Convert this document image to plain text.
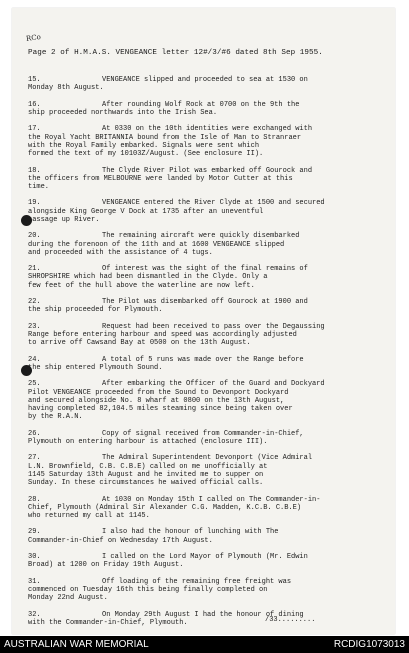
RCo
Page 2 of H.M.A.S. VENGEANCE letter 12#/3/#6 dated 8th Sep 1955.
15.	VENGEANCE slipped and proceeded to sea at 1530 on
Monday 8th August.
16.	After rounding Wolf Rock at 0700 on the 9th the
ship proceeded northwards into the Irish Sea.
17.	At 0330 on the 10th identities were exchanged with
the Royal Yacht BRITANNIA bound from the Isle of Man to Stranraer
with the Royal Family embarked. Signals were sent which
formed the text of my 10103Z/August. (See enclosure II).
18.	The Clyde River Pilot was embarked off Gourock and
the officers from MELBOURNE were landed by Motor Cutter at this
time.
19.	VENGEANCE entered the River Clyde at 1500 and secured
alongside King George V Dock at 1735 after an uneventful
passage up River.
20.	The remaining aircraft were quickly disembarked
during the forenoon of the 11th and at 1600 VENGEANCE slipped
and proceeded with the assistance of 4 tugs.
21.	Of interest was the sight of the final remains of
SHROPSHIRE which had been dismantled in the Clyde. Only a
few feet of the hull above the waterline are now left.
22.	The Pilot was disembarked off Gourock at 1900 and
the ship proceeded for Plymouth.
23.	Request had been received to pass over the Degaussing
Range before entering harbour and speed was accordingly adjusted
to arrive off Cawsand Bay at 0500 on the 13th August.
24.	A total of 5 runs was made over the Range before
the ship entered Plymouth Sound.
25.	After embarking the Officer of the Guard and Dockyard
Pilot VENGEANCE proceeded from the Sound to Devonport Dockyard
and secured alongside No. 8 wharf at 0800 on the 13th August,
having completed 82,104.5 miles steaming since being taken over
by the R.A.N.
26.	Copy of signal received from Commander-in-Chief,
Plymouth on entering harbour is attached (enclosure III).
27.	The Admiral Superintendent Devonport (Vice Admiral
L.N. Brownfield, C.B. C.B.E) called on me unofficially at
1145 Saturday 13th August and he invited me to supper on
Sunday. In these circumstances he waived official calls.
28.	At 1030 on Monday 15th I called on The Commander-in-
Chief, Plymouth (Admiral Sir Alexander C.G. Madden, K.C.B. C.B.E)
who returned my call at 1145.
29.	I also had the honour of lunching with The
Commander-in-Chief on Wednesday 17th August.
30.	I called on the Lord Mayor of Plymouth (Mr. Edwin
Broad) at 1200 on Friday 19th August.
31.	Off loading of the remaining free freight was
commenced on Tuesday 16th this being finally completed on
Monday 22nd August.
32.	On Monday 29th August I had the honour of dining
with the Commander-in-Chief, Plymouth.	/33.........
AUSTRALIAN WAR MEMORIAL	RCDIG1073013
